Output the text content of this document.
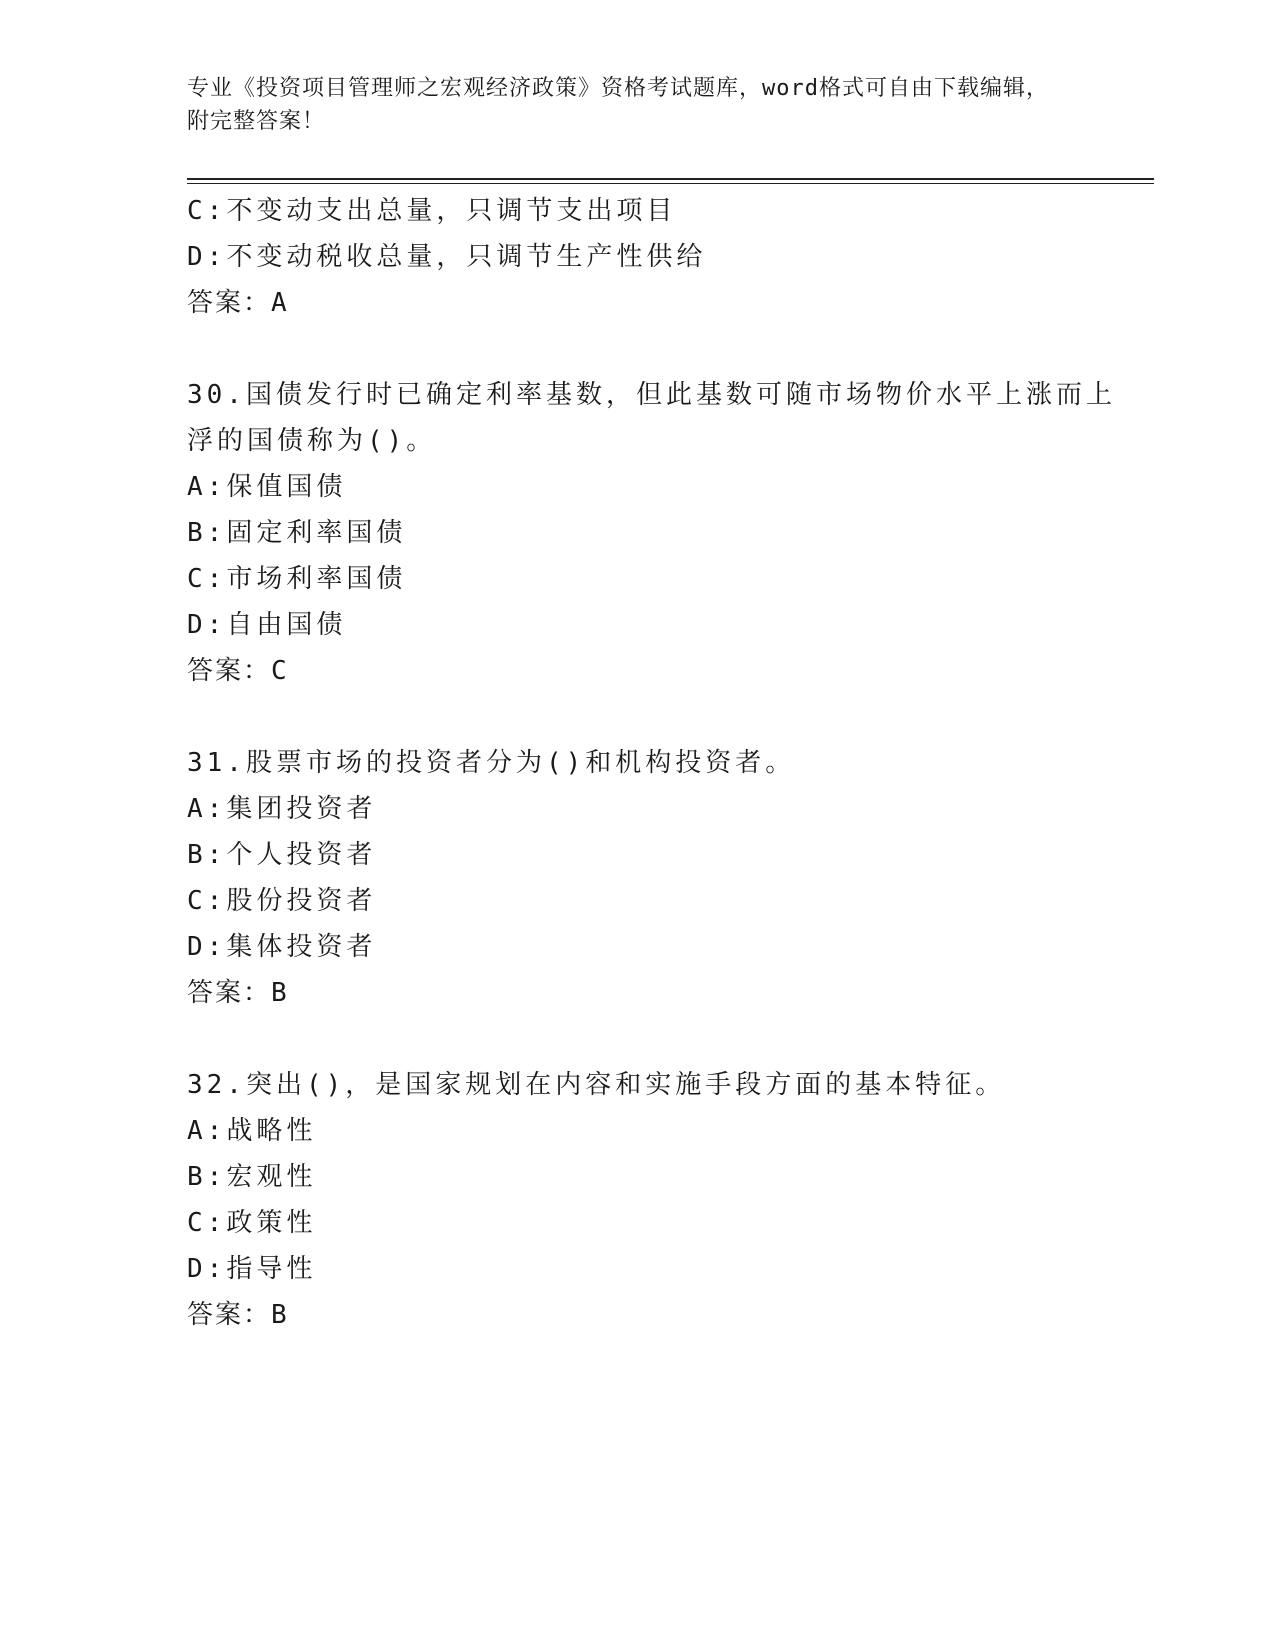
专业《投资项目管理师之宏观经济政策》资格考试题库，word格式可自由下载编辑，附完整答案！
C:不变动支出总量，只调节支出项目
D:不变动税收总量，只调节生产性供给
答案：A
30.国债发行时已确定利率基数，但此基数可随市场物价水平上涨而上
浮的国债称为()。
A:保值国债
B:固定利率国债
C:市场利率国债
D:自由国债
答案：C
31.股票市场的投资者分为()和机构投资者。
A:集团投资者
B:个人投资者
C:股份投资者
D:集体投资者
答案：B
32.突出()，是国家规划在内容和实施手段方面的基本特征。
A:战略性
B:宏观性
C:政策性
D:指导性
答案：B
